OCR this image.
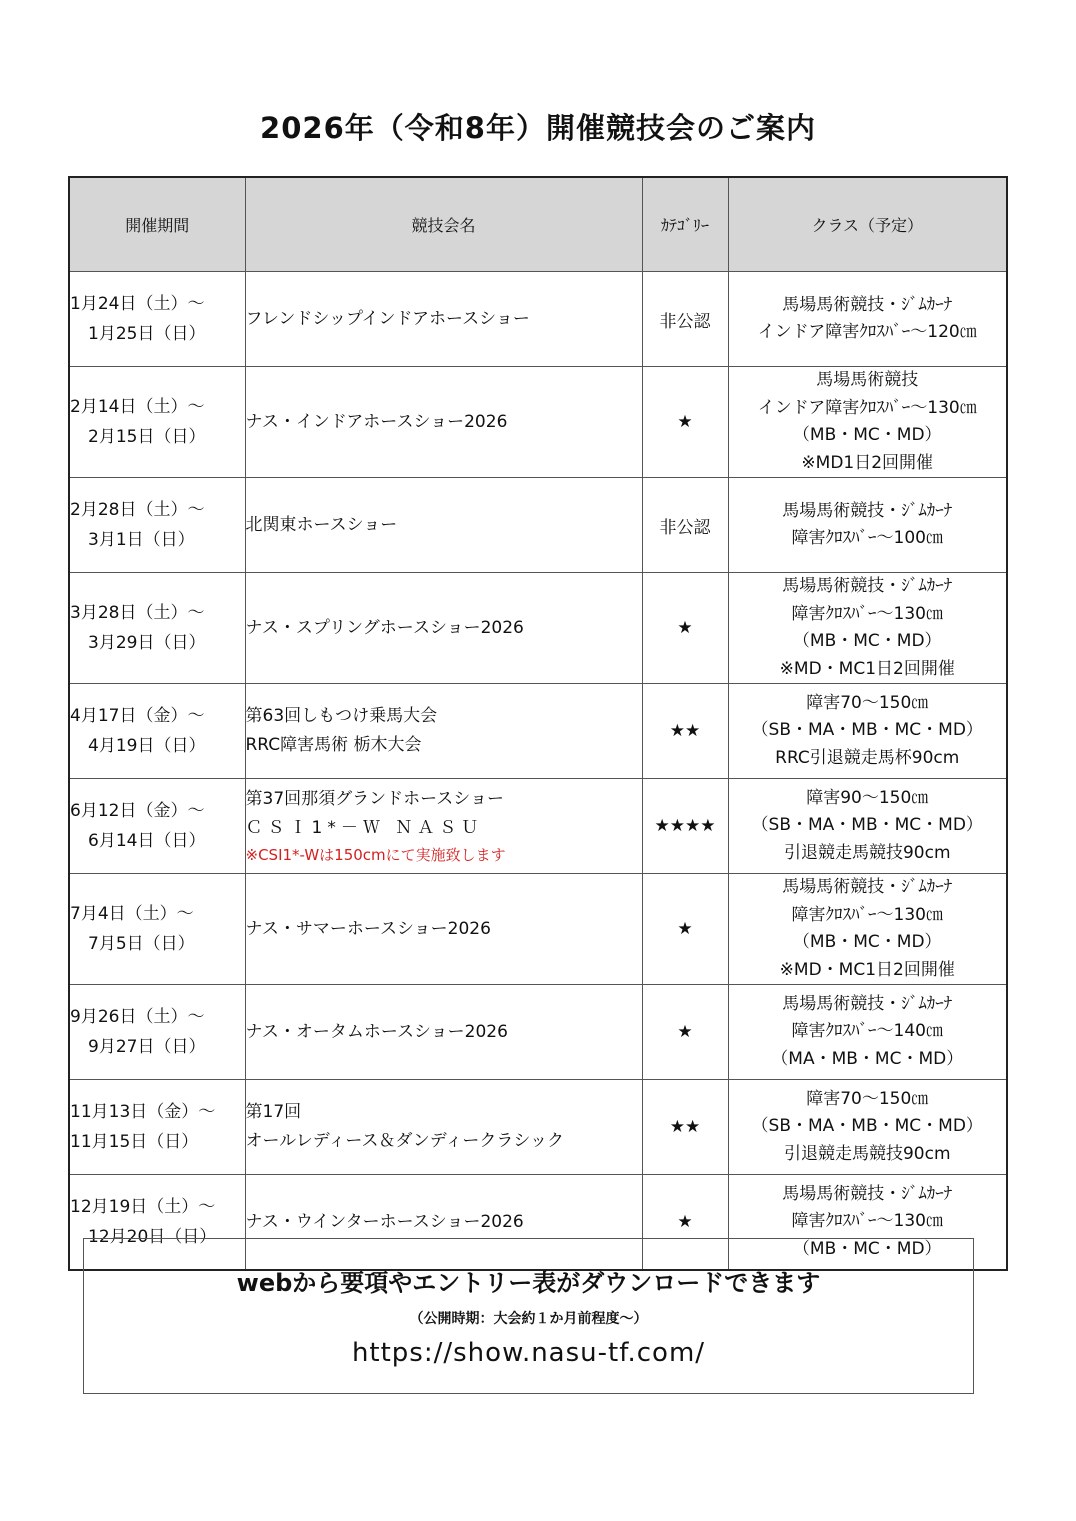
2026年（令和8年）開催競技会のご案内
開催期間	競技会名	ｶﾃｺﾞﾘｰ	クラス（予定）

1月24日（土）～
1月25日（日）	フレンドシップインドアホースショー	非公認	馬場馬術競技・ｼﾞﾑｶｰﾅ
インドア障害ｸﾛｽﾊﾞｰ～120㎝

2月14日（土）～
2月15日（日）	ナス・インドアホースショー2026	★	馬場馬術競技
インドア障害ｸﾛｽﾊﾞｰ～130㎝
（MB・MC・MD）
※MD1日2回開催

2月28日（土）～
3月1日（日）	北関東ホースショー	非公認	馬場馬術競技・ｼﾞﾑｶｰﾅ
障害ｸﾛｽﾊﾞｰ～100㎝

3月28日（土）～
3月29日（日）	ナス・スプリングホースショー2026	★	馬場馬術競技・ｼﾞﾑｶｰﾅ
障害ｸﾛｽﾊﾞｰ～130㎝
（MB・MC・MD）
※MD・MC1日2回開催

4月17日（金）～
4月19日（日）	第63回しもつけ乗馬大会
RRC障害馬術 栃木大会	★★	障害70～150㎝
（SB・MA・MB・MC・MD）
RRC引退競走馬杯90cm

6月12日（金）～
6月14日（日）	第37回那須グランドホースショー
ＣＳＩ1*－Ｗ ＮＡＳＵ
※CSI1*-Wは150cmにて実施致します	★★★★	障害90～150㎝
（SB・MA・MB・MC・MD）
引退競走馬競技90cm

7月4日（土）～
7月5日（日）	ナス・サマーホースショー2026	★	馬場馬術競技・ｼﾞﾑｶｰﾅ
障害ｸﾛｽﾊﾞｰ～130㎝
（MB・MC・MD）
※MD・MC1日2回開催

9月26日（土）～
9月27日（日）	ナス・オータムホースショー2026	★	馬場馬術競技・ｼﾞﾑｶｰﾅ
障害ｸﾛｽﾊﾞｰ～140㎝
（MA・MB・MC・MD）

11月13日（金）～
11月15日（日）	第17回
オールレディース＆ダンディークラシック	★★	障害70～150㎝
（SB・MA・MB・MC・MD）
引退競走馬競技90cm

12月19日（土）～
12月20日（日）	ナス・ウインターホースショー2026	★	馬場馬術競技・ｼﾞﾑｶｰﾅ
障害ｸﾛｽﾊﾞｰ～130㎝
（MB・MC・MD）
webから要項やエントリー表がダウンロードできます
（公開時期：大会約１か月前程度～）
https://show.nasu-tf.com/
